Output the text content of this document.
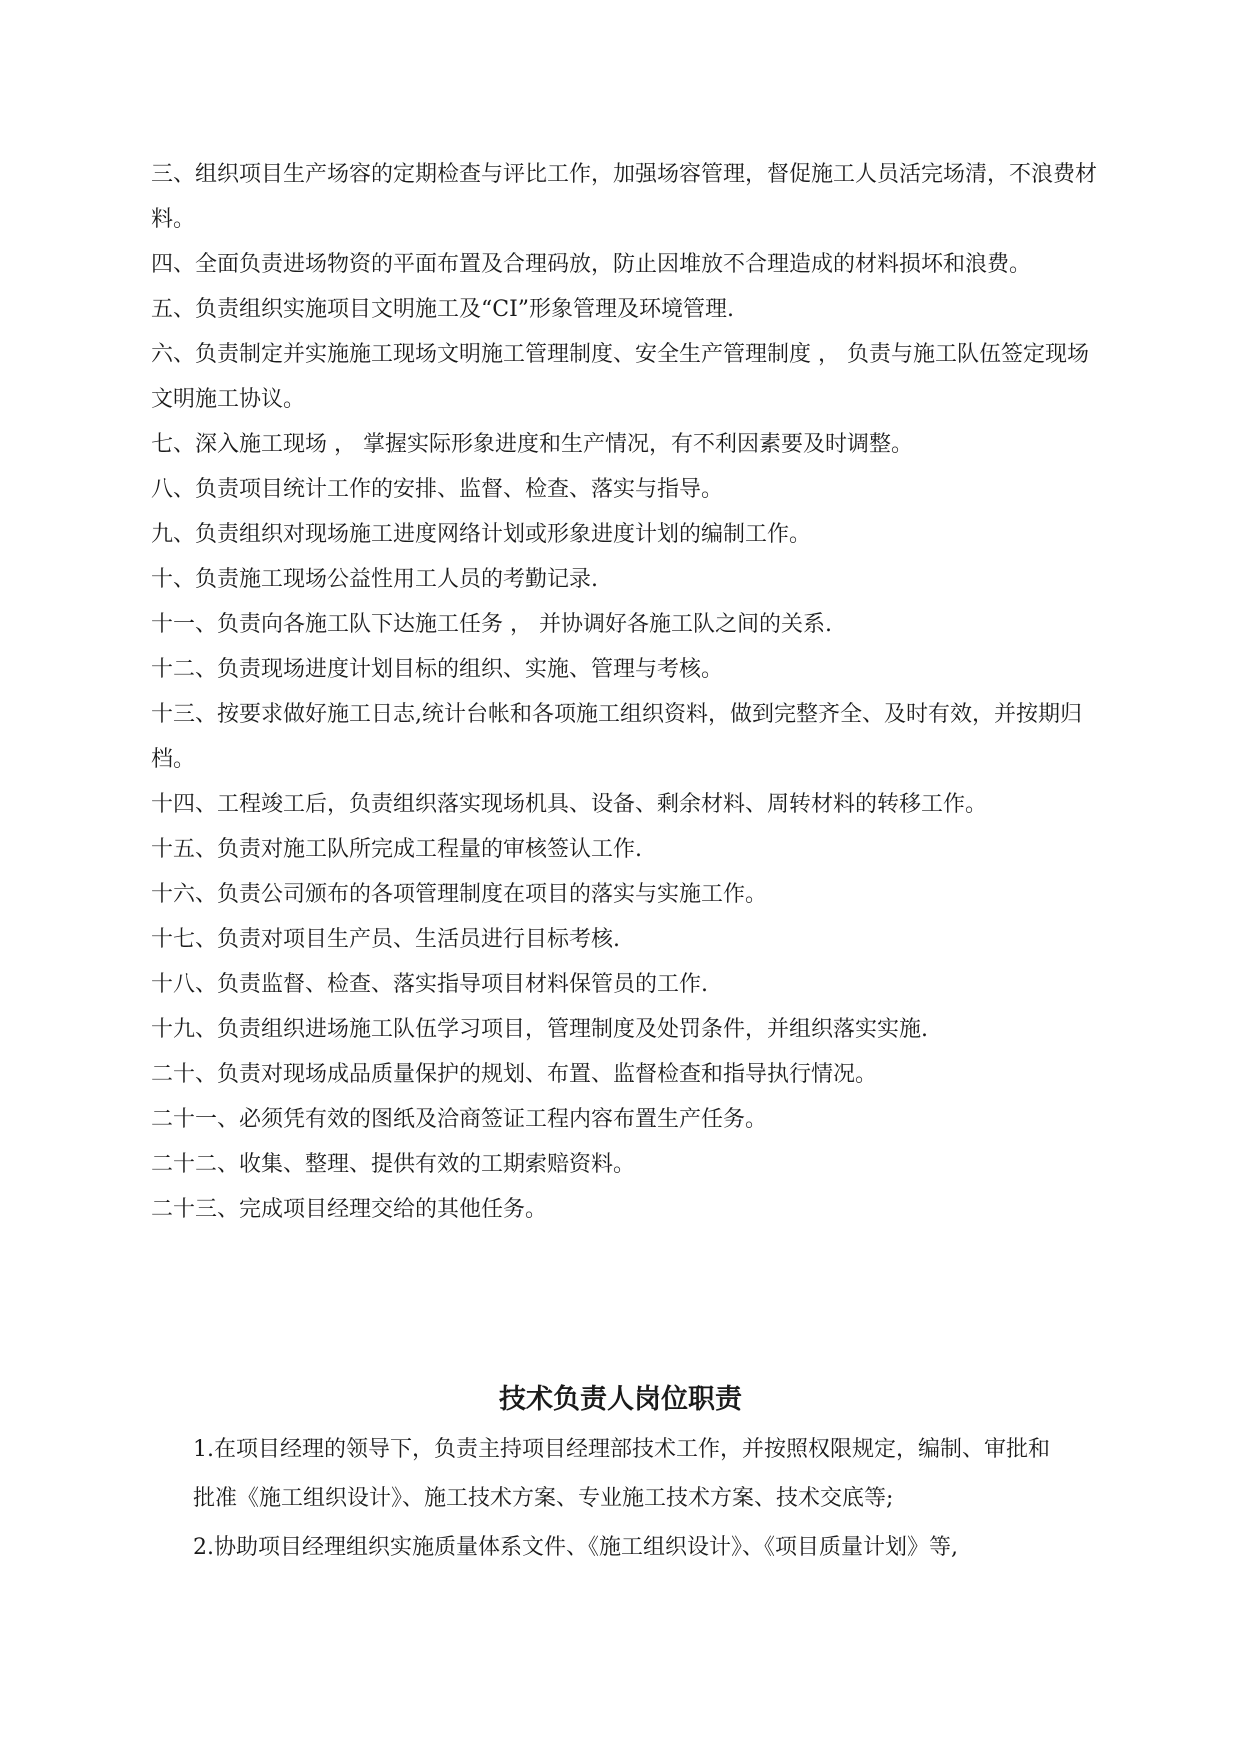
三、组织项目生产场容的定期检查与评比工作，加强场容管理，督促施工人员活完场清，不浪费材料。

四、全面负责进场物资的平面布置及合理码放，防止因堆放不合理造成的材料损坏和浪费。

五、负责组织实施项目文明施工及“CI”形象管理及环境管理.

六、负责制定并实施施工现场文明施工管理制度、安全生产管理制度 ， 负责与施工队伍签定现场文明施工协议。

七、深入施工现场 ， 掌握实际形象进度和生产情况，有不利因素要及时调整。

八、负责项目统计工作的安排、监督、检查、落实与指导。

九、负责组织对现场施工进度网络计划或形象进度计划的编制工作。

十、负责施工现场公益性用工人员的考勤记录.

十一、负责向各施工队下达施工任务 ， 并协调好各施工队之间的关系.

十二、负责现场进度计划目标的组织、实施、管理与考核。

十三、按要求做好施工日志,统计台帐和各项施工组织资料，做到完整齐全、及时有效，并按期归档。

十四、工程竣工后，负责组织落实现场机具、设备、剩余材料、周转材料的转移工作。

十五、负责对施工队所完成工程量的审核签认工作.

十六、负责公司颁布的各项管理制度在项目的落实与实施工作。

十七、负责对项目生产员、生活员进行目标考核.

十八、负责监督、检查、落实指导项目材料保管员的工作.

十九、负责组织进场施工队伍学习项目，管理制度及处罚条件，并组织落实实施.

二十、负责对现场成品质量保护的规划、布置、监督检查和指导执行情况。

二十一、必须凭有效的图纸及洽商签证工程内容布置生产任务。

二十二、收集、整理、提供有效的工期索赔资料。

二十三、完成项目经理交给的其他任务。

技术负责人岗位职责

1.在项目经理的领导下，负责主持项目经理部技术工作，并按照权限规定，编制、审批和批准《施工组织设计》、施工技术方案、专业施工技术方案、技术交底等;

2.协助项目经理组织实施质量体系文件、《施工组织设计》、《项目质量计划》等,
